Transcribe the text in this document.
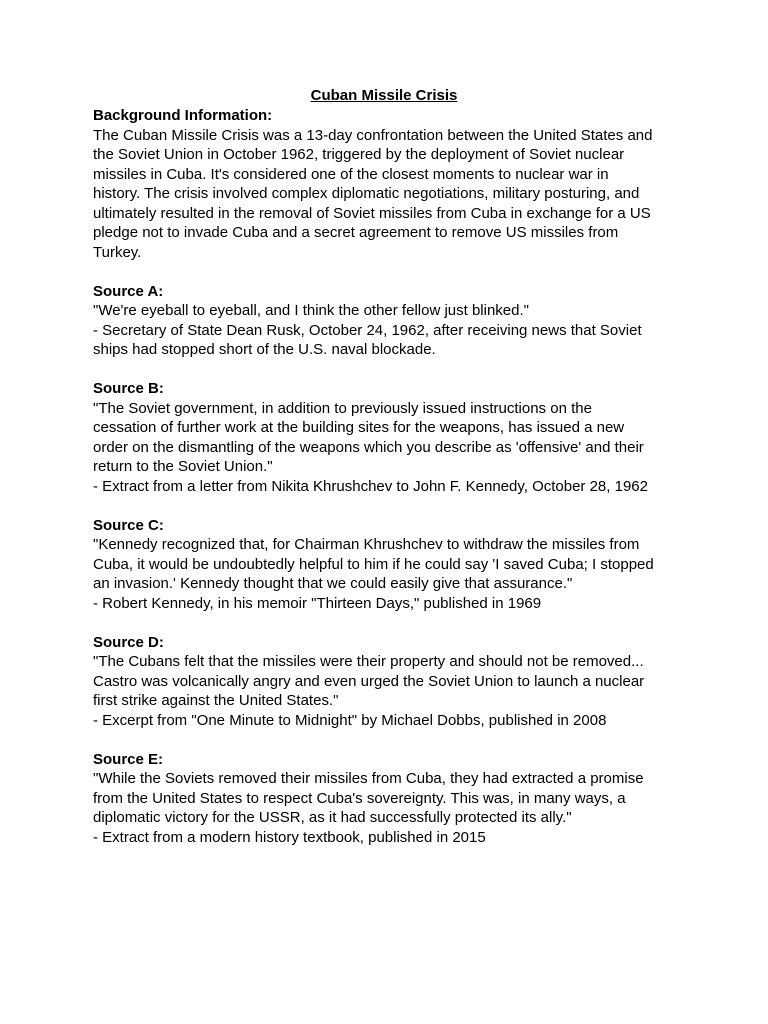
Cuban Missile Crisis
Background Information:
The Cuban Missile Crisis was a 13-day confrontation between the United States and
the Soviet Union in October 1962, triggered by the deployment of Soviet nuclear
missiles in Cuba. It's considered one of the closest moments to nuclear war in
history. The crisis involved complex diplomatic negotiations, military posturing, and
ultimately resulted in the removal of Soviet missiles from Cuba in exchange for a US
pledge not to invade Cuba and a secret agreement to remove US missiles from
Turkey.
Source A:
"We're eyeball to eyeball, and I think the other fellow just blinked."
- Secretary of State Dean Rusk, October 24, 1962, after receiving news that Soviet
ships had stopped short of the U.S. naval blockade.
Source B:
"The Soviet government, in addition to previously issued instructions on the
cessation of further work at the building sites for the weapons, has issued a new
order on the dismantling of the weapons which you describe as 'offensive' and their
return to the Soviet Union."
- Extract from a letter from Nikita Khrushchev to John F. Kennedy, October 28, 1962
Source C:
"Kennedy recognized that, for Chairman Khrushchev to withdraw the missiles from
Cuba, it would be undoubtedly helpful to him if he could say 'I saved Cuba; I stopped
an invasion.' Kennedy thought that we could easily give that assurance."
- Robert Kennedy, in his memoir "Thirteen Days," published in 1969
Source D:
"The Cubans felt that the missiles were their property and should not be removed...
Castro was volcanically angry and even urged the Soviet Union to launch a nuclear
first strike against the United States."
- Excerpt from "One Minute to Midnight" by Michael Dobbs, published in 2008
Source E:
"While the Soviets removed their missiles from Cuba, they had extracted a promise
from the United States to respect Cuba's sovereignty. This was, in many ways, a
diplomatic victory for the USSR, as it had successfully protected its ally."
- Extract from a modern history textbook, published in 2015
